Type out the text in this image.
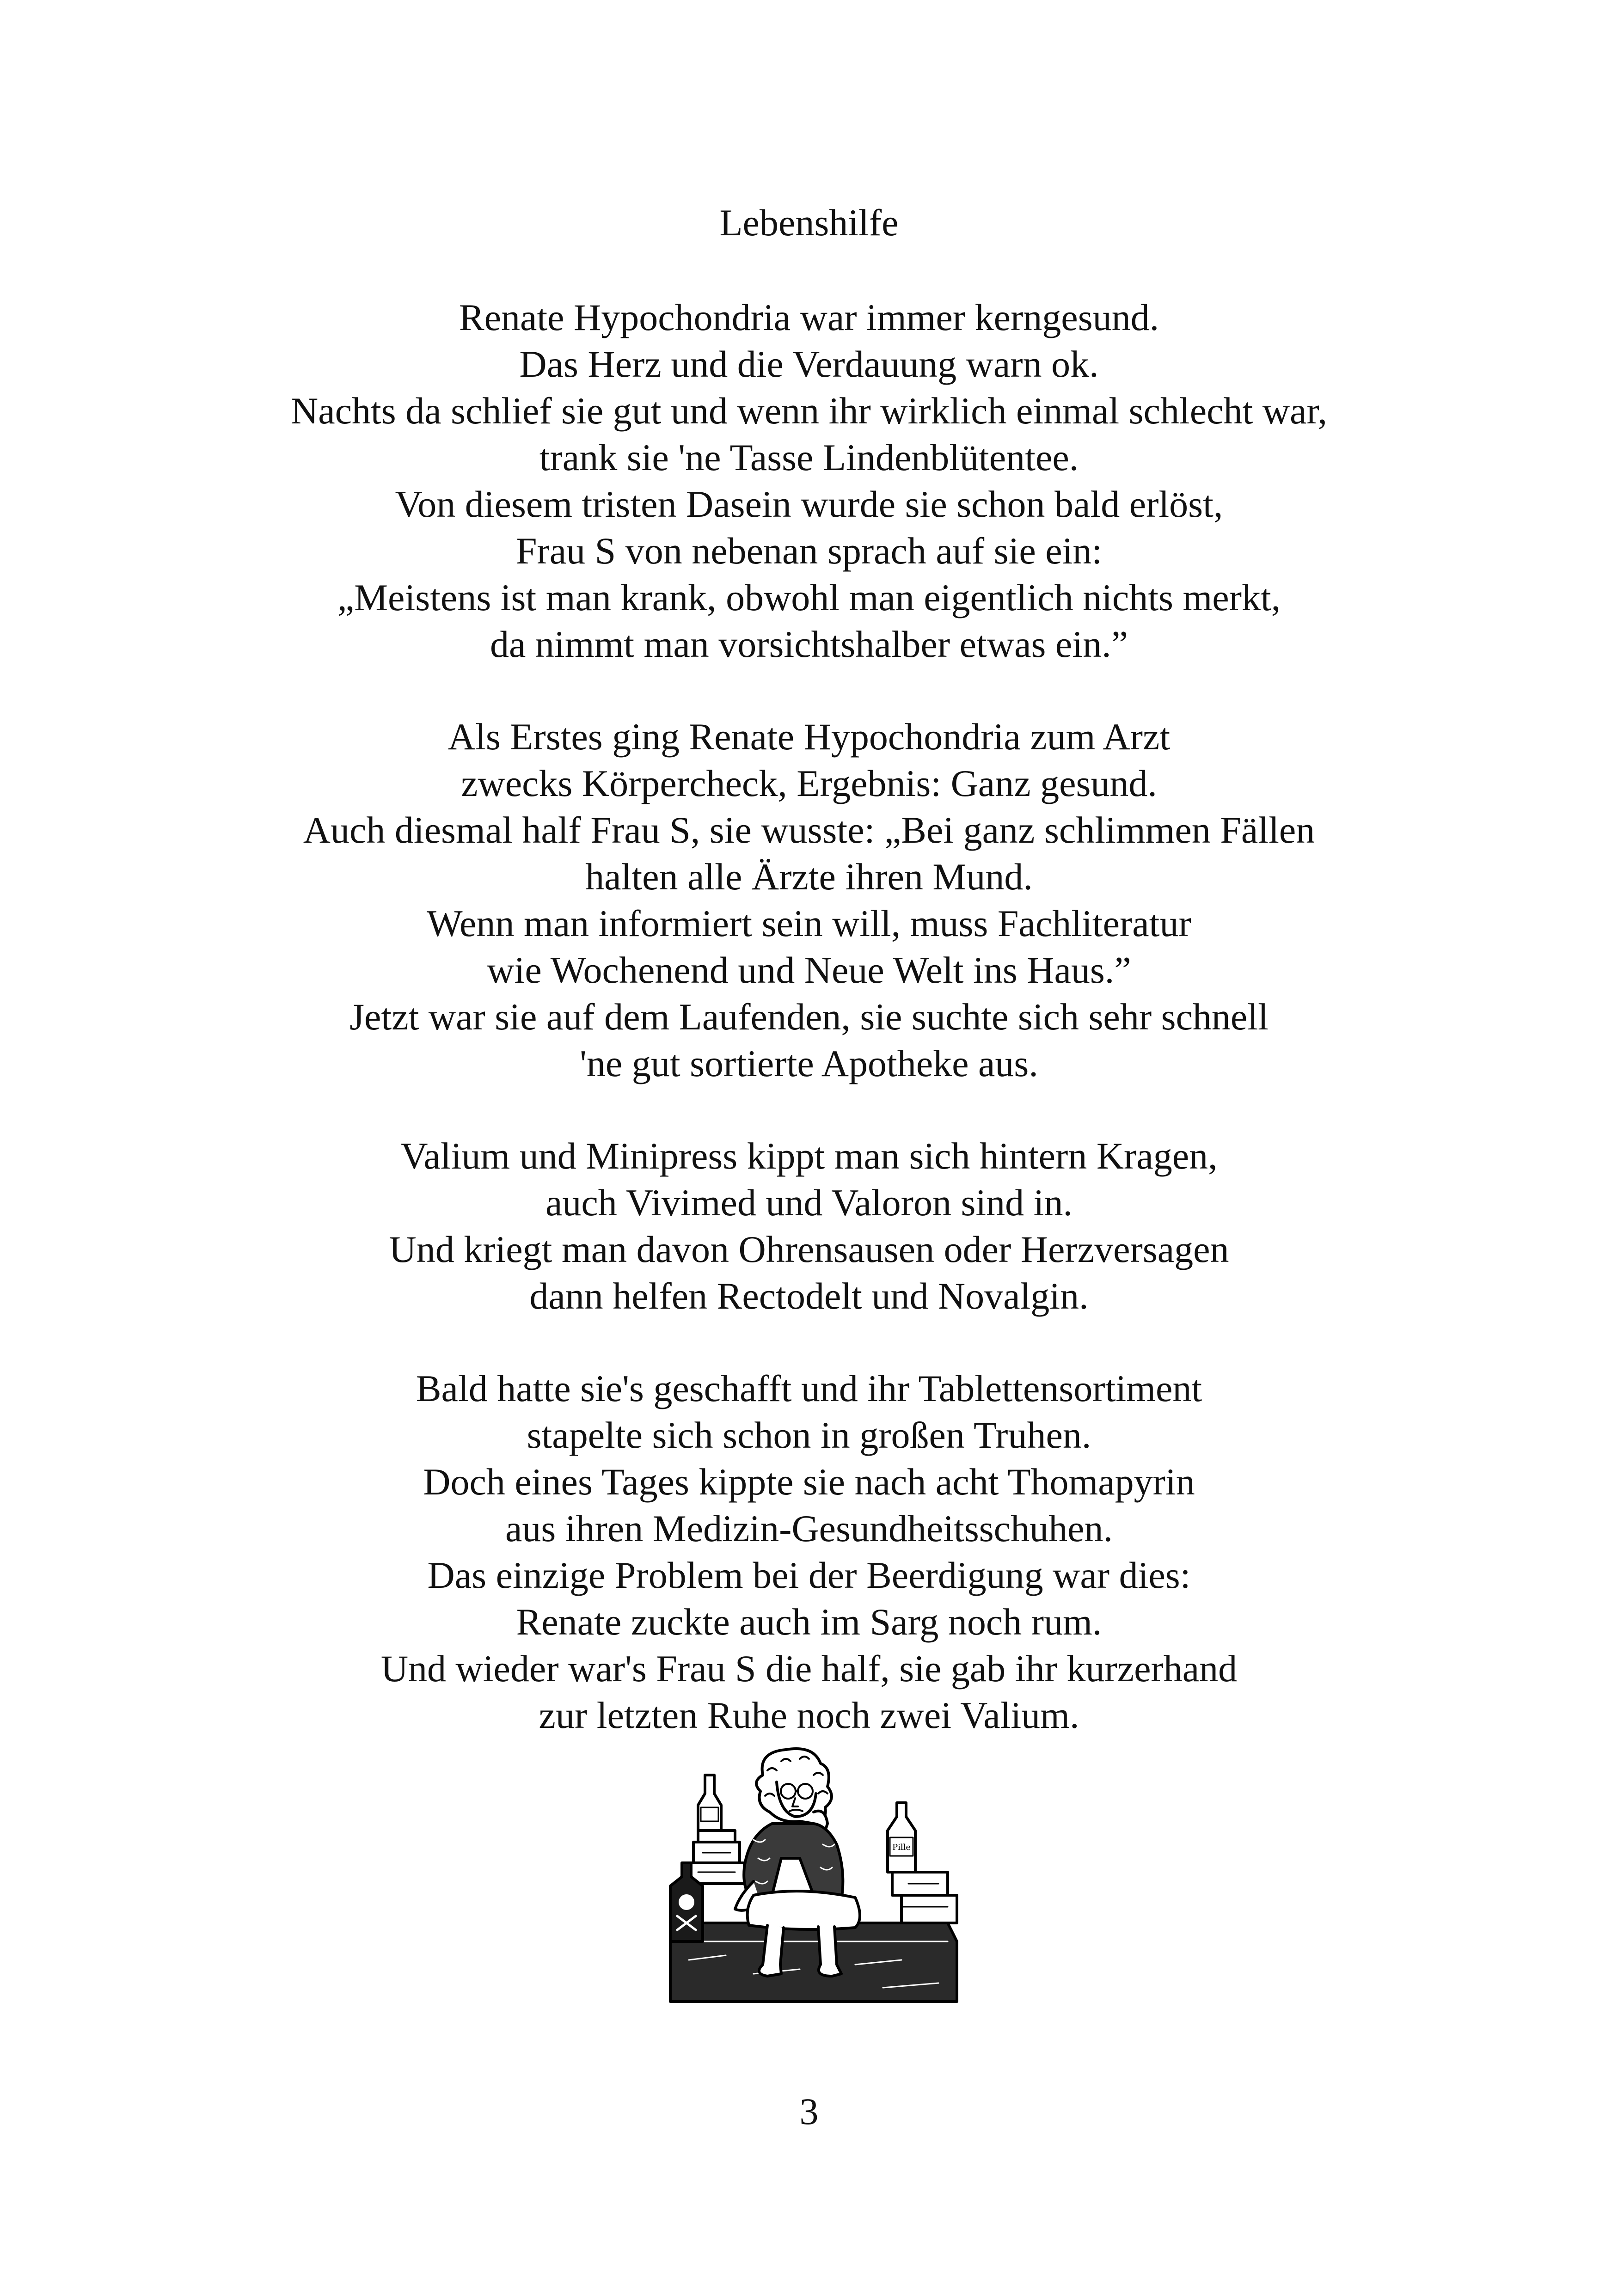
Lebenshilfe

Renate Hypochondria war immer kerngesund.
Das Herz und die Verdauung warn ok.
Nachts da schlief sie gut und wenn ihr wirklich einmal schlecht war,
trank sie 'ne Tasse Lindenblütentee.
Von diesem tristen Dasein wurde sie schon bald erlöst,
Frau S von nebenan sprach auf sie ein:
„Meistens ist man krank, obwohl man eigentlich nichts merkt,
da nimmt man vorsichtshalber etwas ein.”

Als Erstes ging Renate Hypochondria zum Arzt
zwecks Körpercheck, Ergebnis: Ganz gesund.
Auch diesmal half Frau S, sie wusste: „Bei ganz schlimmen Fällen
halten alle Ärzte ihren Mund.
Wenn man informiert sein will, muss Fachliteratur
wie Wochenend und Neue Welt ins Haus.”
Jetzt war sie auf dem Laufenden, sie suchte sich sehr schnell
'ne gut sortierte Apotheke aus.

Valium und Minipress kippt man sich hintern Kragen,
auch Vivimed und Valoron sind in.
Und kriegt man davon Ohrensausen oder Herzversagen
dann helfen Rectodelt und Novalgin.

Bald hatte sie's geschafft und ihr Tablettensortiment
stapelte sich schon in großen Truhen.
Doch eines Tages kippte sie nach acht Thomapyrin
aus ihren Medizin-Gesundheitsschuhen.
Das einzige Problem bei der Beerdigung war dies:
Renate zuckte auch im Sarg noch rum.
Und wieder war's Frau S die half, sie gab ihr kurzerhand
zur letzten Ruhe noch zwei Valium.

Pille
3
